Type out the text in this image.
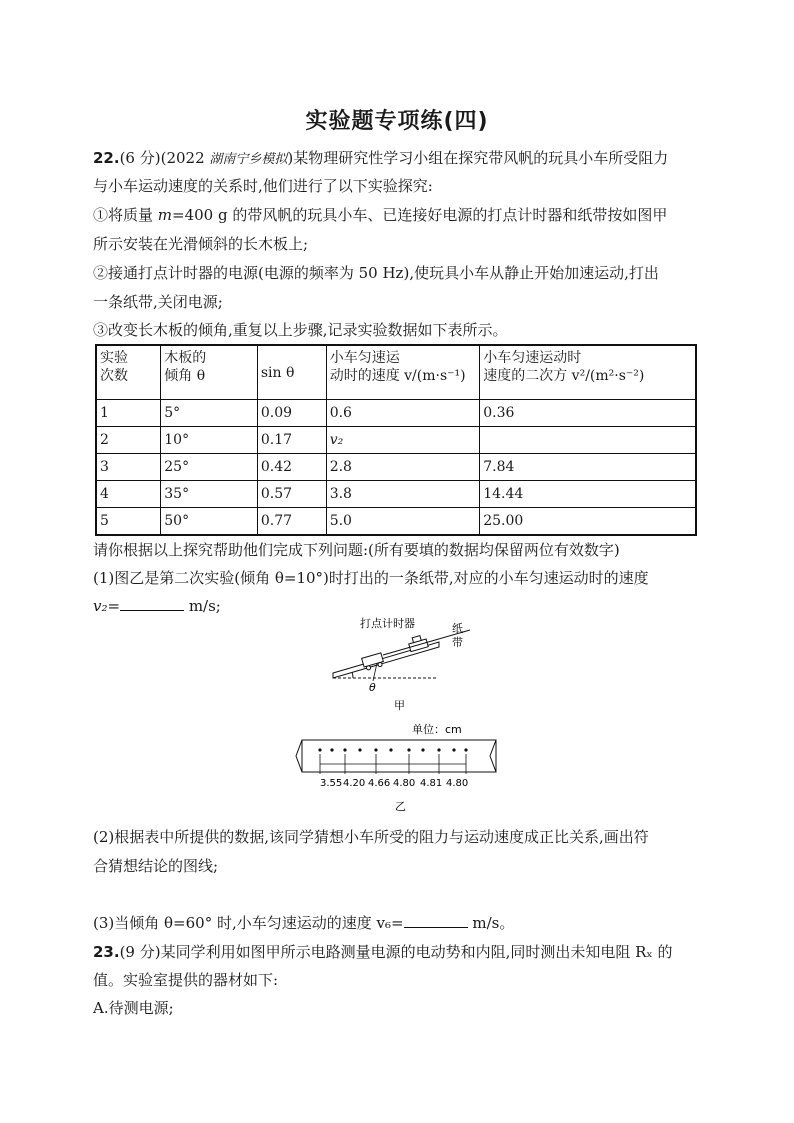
实验题专项练(四)
22.(6 分)(2022 湖南宁乡模拟)某物理研究性学习小组在探究带风帆的玩具小车所受阻力
与小车运动速度的关系时,他们进行了以下实验探究:
①将质量 m=400 g 的带风帆的玩具小车、已连接好电源的打点计时器和纸带按如图甲
所示安装在光滑倾斜的长木板上;
②接通打点计时器的电源(电源的频率为 50 Hz),使玩具小车从静止开始加速运动,打出
一条纸带,关闭电源;
③改变长木板的倾角,重复以上步骤,记录实验数据如下表所示。
实验
次数	木板的
倾角 θ	sin θ	小车匀速运
动时的速度 v/(m·s⁻¹)	小车匀速运动时
速度的二次方 v²/(m²·s⁻²)
1	5°	0.09	0.6	0.36
2	10°	0.17	v₂	
3	25°	0.42	2.8	7.84
4	35°	0.57	3.8	14.44
5	50°	0.77	5.0	25.00
请你根据以上探究帮助他们完成下列问题:(所有要填的数据均保留两位有效数字)
(1)图乙是第二次实验(倾角 θ=10°)时打出的一条纸带,对应的小车匀速运动时的速度
v₂=	m/s;
打点计时器	纸
带
θ
甲
单位：cm
3.55 4.20 4.66 4.80 4.81 4.80
乙
(2)根据表中所提供的数据,该同学猜想小车所受的阻力与运动速度成正比关系,画出符
合猜想结论的图线;
(3)当倾角 θ=60° 时,小车匀速运动的速度 v₆=	m/s。
23.(9 分)某同学利用如图甲所示电路测量电源的电动势和内阻,同时测出未知电阻 Rₓ 的
值。实验室提供的器材如下:
A.待测电源;
